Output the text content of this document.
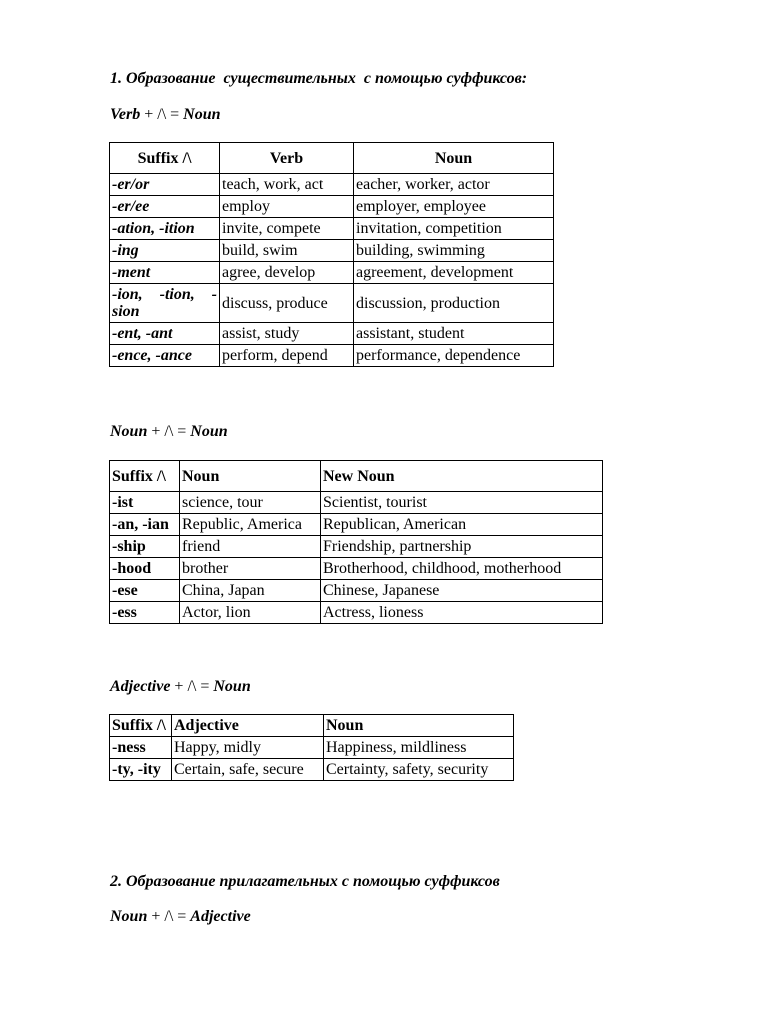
1. Образование  существительных  с помощью суффиксов:
Verb + /\ = Noun
Suffix /\	Verb	Noun
-er/or	teach, work, act	eacher, worker, actor
-er/ee	employ	employer, employee
-ation, -ition	invite, compete	invitation, competition
-ing	build, swim	building, swimming
-ment	agree, develop	agreement, development
-ion, -tion, -sion	discuss, produce	discussion, production
-ent, -ant	assist, study	assistant, student
-ence, -ance	perform, depend	performance, dependence
Noun + /\ = Noun
Suffix /\	Noun	New Noun
-ist	science, tour	Scientist, tourist
-an, -ian	Republic, America	Republican, American
-ship	friend	Friendship, partnership
-hood	brother	Brotherhood, childhood, motherhood
-ese	China, Japan	Chinese, Japanese
-ess	Actor, lion	Actress, lioness
Adjective + /\ = Noun
Suffix /\	Adjective	Noun
-ness	Happy, midly	Happiness, mildliness
-ty, -ity	Certain, safe, secure	Certainty, safety, security
2. Образование прилагательных с помощью суффиксов
Noun + /\ = Adjective
